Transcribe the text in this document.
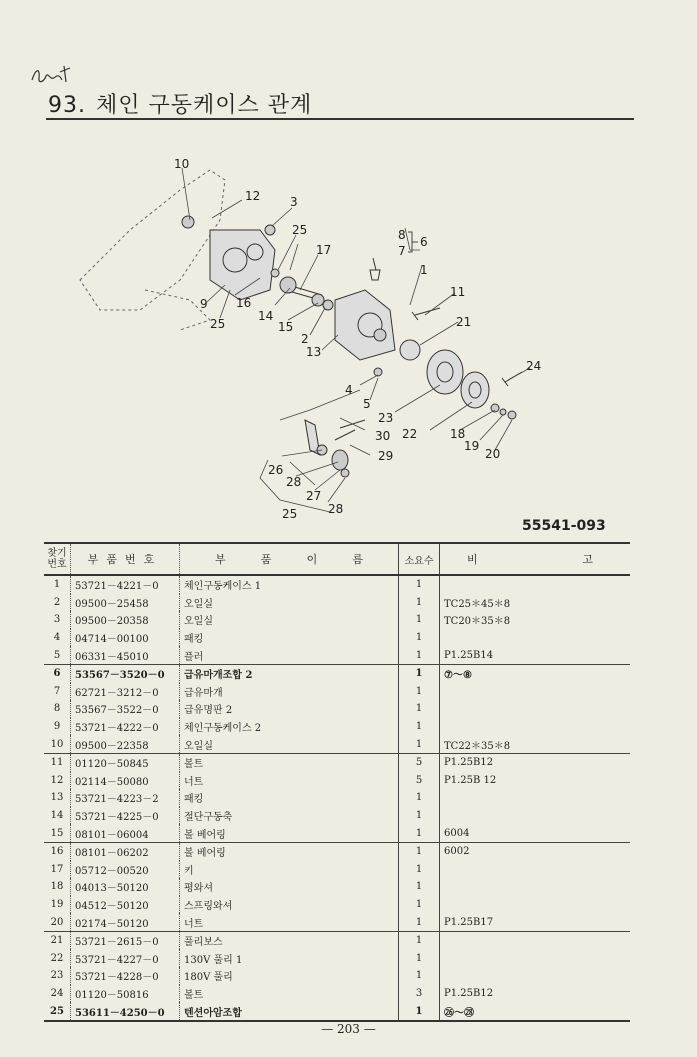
93. 체인 구동케이스 관계
10
12 3
25
17
8
7
6
1
11
9 16
25
14
15
2
13
21
24
4
5
23
22	18
19
20
30
29
26
28
27
28
25
55541-093
찾기
번호	부품번호	부 품 이 름	소요수	비 고

1	53721－4221－0	체인구동케이스 1	1	
2	09500－25458	오일실	1	TC25＊45＊8
3	09500－20358	오일실	1	TC20＊35＊8
4	04714－00100	패킹	1	
5	06331－45010	플러	1	P1.25B14
6	53567－3520－0	급유마개조합 2	1	⑦～⑧
7	62721－3212－0	급유마개	1	
8	53567－3522－0	급유명판 2	1	
9	53721－4222－0	체인구동케이스 2	1	
10	09500－22358	오일실	1	TC22＊35＊8
11	01120－50845	볼트	5	P1.25B12
12	02114－50080	너트	5	P1.25B 12
13	53721－4223－2	패킹	1	
14	53721－4225－0	절단구동축	1	
15	08101－06004	볼 베어링	1	6004
16	08101－06202	볼 베어링	1	6002
17	05712－00520	키	1	
18	04013－50120	평와셔	1	
19	04512－50120	스프링와셔	1	
20	02174－50120	너트	1	P1.25B17
21	53721－2615－0	풀리보스	1	
22	53721－4227－0	130V 풀리 1	1	
23	53721－4228－0	180V 풀리	1	
24	01120－50816	볼트	3	P1.25B12
25	53611－4250－0	텐션아암조합	1	㉖～㉘
— 203 —
